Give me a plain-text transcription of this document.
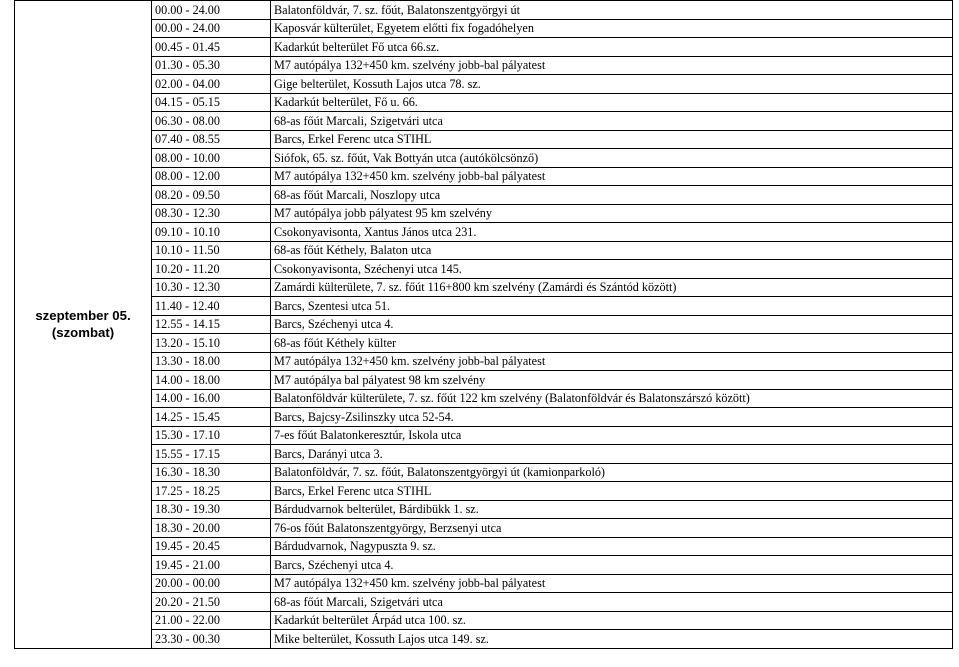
szeptember 05.
(szombat)	00.00 - 24.00	Balatonföldvár, 7. sz. főút, Balatonszentgyörgyi út
	00.00 - 24.00	Kaposvár külterület, Egyetem előtti fix fogadóhelyen
	00.45 - 01.45	Kadarkút belterület Fő utca 66.sz.
	01.30 - 05.30	M7 autópálya 132+450 km. szelvény jobb-bal pályatest
	02.00 - 04.00	Gige belterület, Kossuth Lajos utca 78. sz.
	04.15 - 05.15	Kadarkút belterület, Fő u. 66.
	06.30 - 08.00	68-as főút Marcali, Szigetvári utca
	07.40 - 08.55	Barcs, Erkel Ferenc utca STIHL
	08.00 - 10.00	Siófok, 65. sz. főút, Vak Bottyán utca (autókölcsönző)
	08.00 - 12.00	M7 autópálya 132+450 km. szelvény jobb-bal pályatest
	08.20 - 09.50	68-as főút Marcali, Noszlopy utca
	08.30 - 12.30	M7 autópálya jobb pályatest 95 km szelvény
	09.10 - 10.10	Csokonyavisonta, Xantus János utca 231.
	10.10 - 11.50	68-as főút Kéthely, Balaton utca
	10.20 - 11.20	Csokonyavisonta, Széchenyi utca 145.
	10.30 - 12.30	Zamárdi külterülete, 7. sz. főút 116+800 km szelvény (Zamárdi és Szántód között)
	11.40 - 12.40	Barcs, Szentesi utca 51.
	12.55 - 14.15	Barcs, Széchenyi utca 4.
	13.20 - 15.10	68-as főút Kéthely külter
	13.30 - 18.00	M7 autópálya 132+450 km. szelvény jobb-bal pályatest
	14.00 - 18.00	M7 autópálya bal pályatest 98 km szelvény
	14.00 - 16.00	Balatonföldvár külterülete, 7. sz. főút 122 km szelvény (Balatonföldvár és Balatonszárszó között)
	14.25 - 15.45	Barcs, Bajcsy-Zsilinszky utca 52-54.
	15.30 - 17.10	7-es főút Balatonkeresztúr, Iskola utca
	15.55 - 17.15	Barcs, Darányi utca 3.
	16.30 - 18.30	Balatonföldvár, 7. sz. főút, Balatonszentgyörgyi út (kamionparkoló)
	17.25 - 18.25	Barcs, Erkel Ferenc utca STIHL
	18.30 - 19.30	Bárdudvarnok belterület, Bárdibükk 1. sz.
	18.30 - 20.00	76-os főút Balatonszentgyörgy, Berzsenyi utca
	19.45 - 20.45	Bárdudvarnok, Nagypuszta 9. sz.
	19.45 - 21.00	Barcs, Széchenyi utca 4.
	20.00 - 00.00	M7 autópálya 132+450 km. szelvény jobb-bal pályatest
	20.20 - 21.50	68-as főút Marcali, Szigetvári utca
	21.00 - 22.00	Kadarkút belterület Árpád utca 100. sz.
	23.30 - 00.30	Mike belterület, Kossuth Lajos utca 149. sz.
